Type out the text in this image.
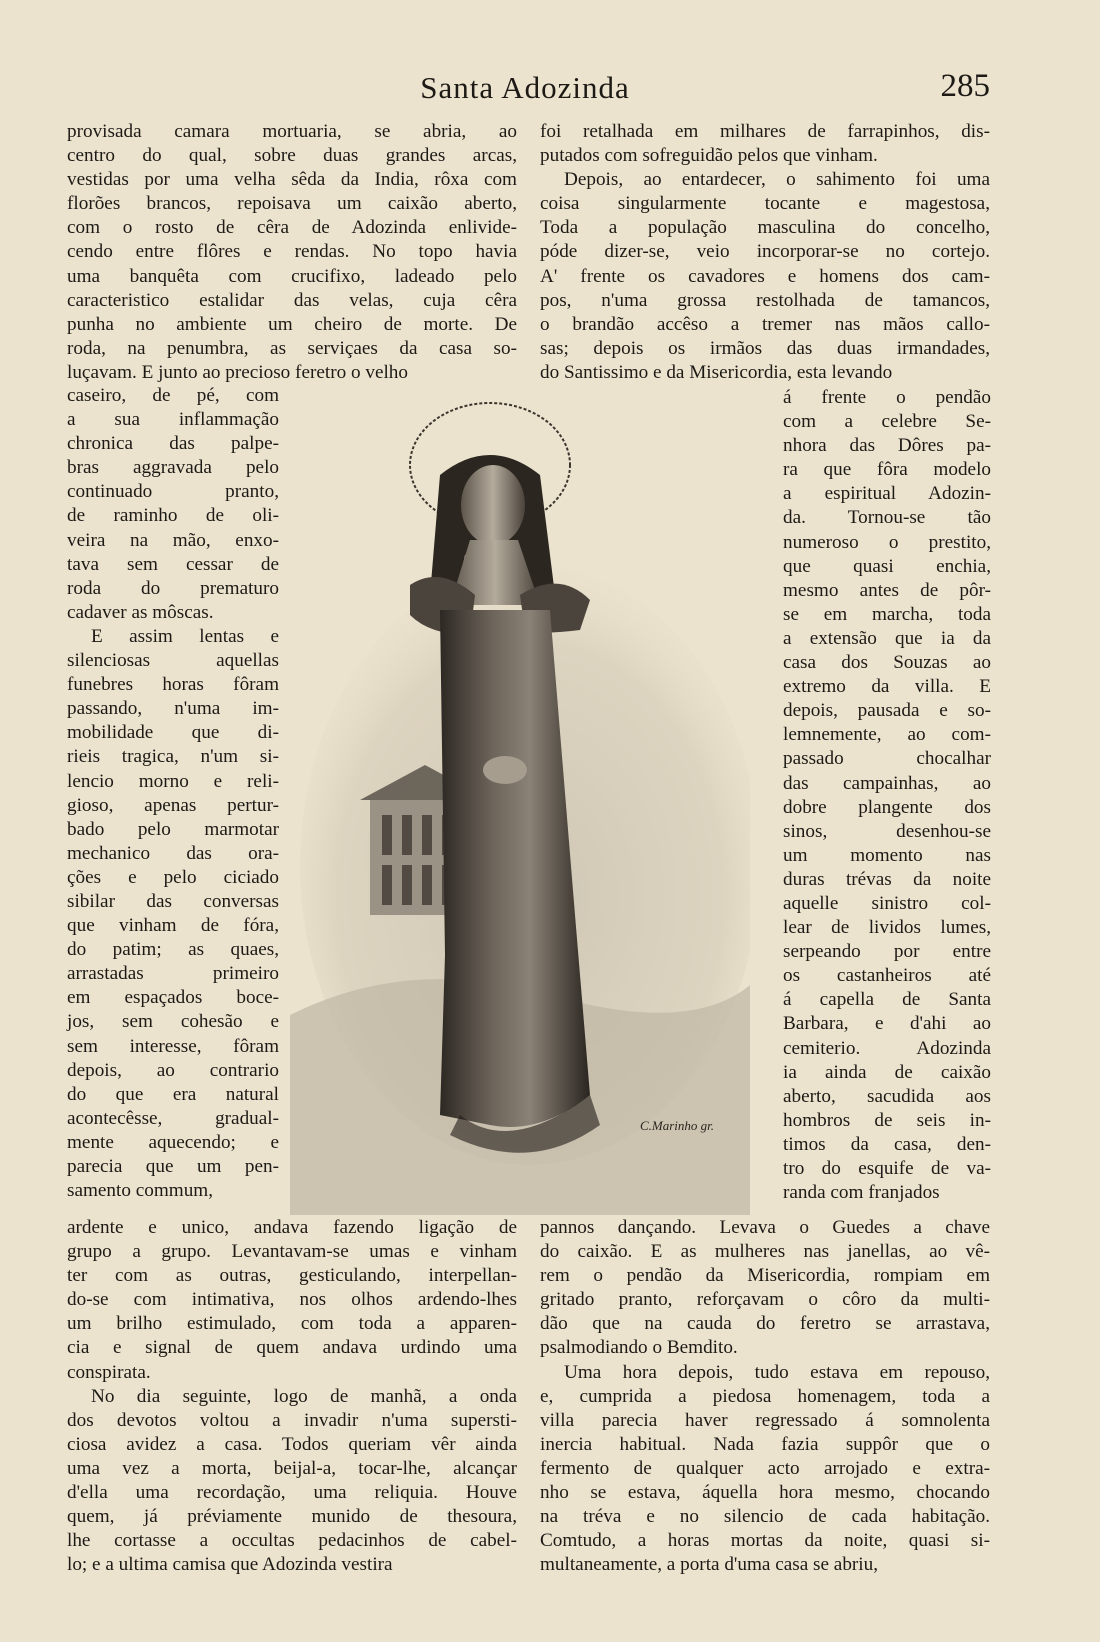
Santa Adozinda	285
provisada camara mortuaria, se abria, ao
centro do qual, sobre duas grandes arcas,
vestidas por uma velha sêda da India, rôxa com
florões brancos, repoisava um caixão aberto,
com o rosto de cêra de Adozinda enlivide-
cendo entre flôres e rendas. No topo havia
uma banquêta com crucifixo, ladeado pelo
caracteristico estalidar das velas, cuja cêra
punha no ambiente um cheiro de morte. De
roda, na penumbra, as serviçaes da casa so-
luçavam. E junto ao precioso feretro o velho
caseiro, de pé, com
a sua inflammação
chronica das palpe-
bras aggravada pelo
continuado pranto,
de raminho de oli-
veira na mão, enxo-
tava sem cessar de
roda do prematuro
cadaver as môscas.
E assim lentas e
silenciosas aquellas
funebres horas fôram
passando, n'uma im-
mobilidade que di-
rieis tragica, n'um si-
lencio morno e reli-
gioso, apenas pertur-
bado pelo marmotar
mechanico das ora-
ções e pelo ciciado
sibilar das conversas
que vinham de fóra,
do patim; as quaes,
arrastadas primeiro
em espaçados boce-
jos, sem cohesão e
sem interesse, fôram
depois, ao contrario
do que era natural
acontecêsse, gradual-
mente aquecendo; e
parecia que um pen-
samento commum,
ardente e unico, andava fazendo ligação de
grupo a grupo. Levantavam-se umas e vinham
ter com as outras, gesticulando, interpellan-
do-se com intimativa, nos olhos ardendo-lhes
um brilho estimulado, com toda a apparen-
cia e signal de quem andava urdindo uma
conspirata.
No dia seguinte, logo de manhã, a onda
dos devotos voltou a invadir n'uma supersti-
ciosa avidez a casa. Todos queriam vêr ainda
uma vez a morta, beijal-a, tocar-lhe, alcançar
d'ella uma recordação, uma reliquia. Houve
quem, já préviamente munido de thesoura,
lhe cortasse a occultas pedacinhos de cabel-
lo; e a ultima camisa que Adozinda vestira
foi retalhada em milhares de farrapinhos, dis-
putados com sofreguidão pelos que vinham.
Depois, ao entardecer, o sahimento foi uma
coisa singularmente tocante e magestosa,
Toda a população masculina do concelho,
póde dizer-se, veio incorporar-se no cortejo.
A' frente os cavadores e homens dos cam-
pos, n'uma grossa restolhada de tamancos,
o brandão accêso a tremer nas mãos callo-
sas; depois os irmãos das duas irmandades,
do Santissimo e da Misericordia, esta levando
á frente o pendão
com a celebre Se-
nhora das Dôres pa-
ra que fôra modelo
a espiritual Adozin-
da. Tornou-se tão
numeroso o prestito,
que quasi enchia,
mesmo antes de pôr-
se em marcha, toda
a extensão que ia da
casa dos Souzas ao
extremo da villa. E
depois, pausada e so-
lemnemente, ao com-
passado chocalhar
das campainhas, ao
dobre plangente dos
sinos, desenhou-se
um momento nas
duras trévas da noite
aquelle sinistro col-
lear de lividos lumes,
serpeando por entre
os castanheiros até
á capella de Santa
Barbara, e d'ahi ao
cemiterio. Adozinda
ia ainda de caixão
aberto, sacudida aos
hombros de seis in-
timos da casa, den-
tro do esquife de va-
randa com franjados
pannos dançando. Levava o Guedes a chave
do caixão. E as mulheres nas janellas, ao vê-
rem o pendão da Misericordia, rompiam em
gritado pranto, reforçavam o côro da multi-
dão que na cauda do feretro se arrastava,
psalmodiando o Bemdito.
Uma hora depois, tudo estava em repouso,
e, cumprida a piedosa homenagem, toda a
villa parecia haver regressado á somnolenta
inercia habitual. Nada fazia suppôr que o
fermento de qualquer acto arrojado e extra-
nho se estava, áquella hora mesmo, chocando
na tréva e no silencio de cada habitação.
Comtudo, a horas mortas da noite, quasi si-
multaneamente, a porta d'uma casa se abriu,
C.Marinho gr.
